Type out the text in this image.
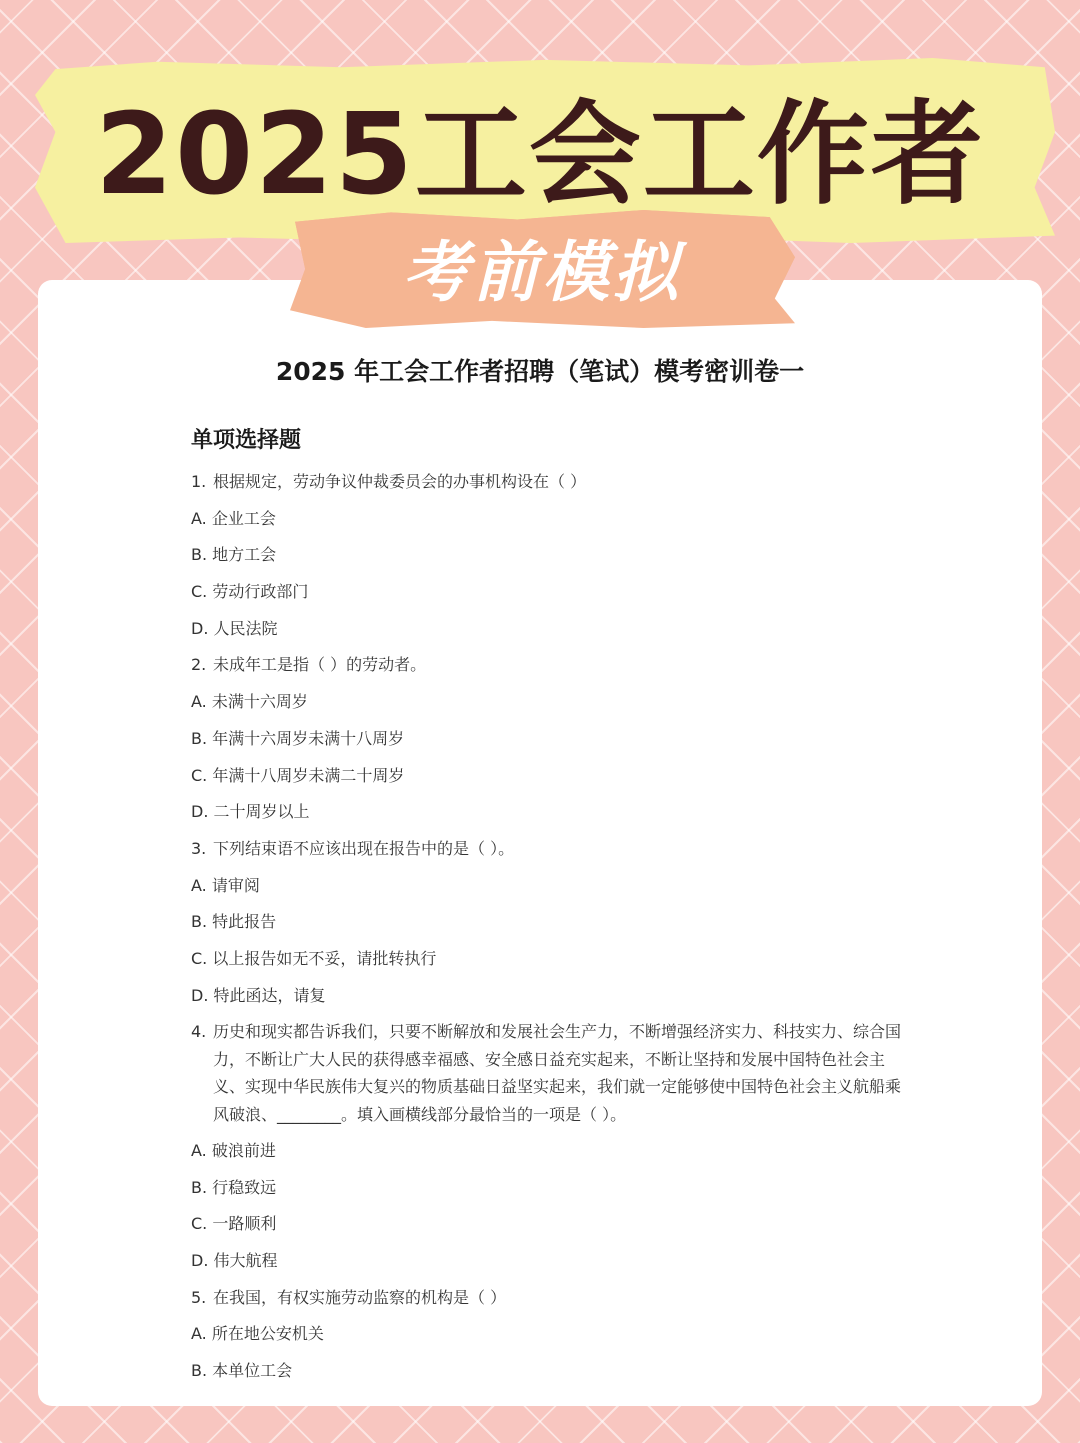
2025工会工作者
2025 年工会工作者招聘（笔试）模考密训卷一
单项选择题
1. 根据规定，劳动争议仲裁委员会的办事机构设在（ ）
A. 企业工会
B. 地方工会
C. 劳动行政部门
D. 人民法院
2. 未成年工是指（ ）的劳动者。
A. 未满十六周岁
B. 年满十六周岁未满十八周岁
C. 年满十八周岁未满二十周岁
D. 二十周岁以上
3. 下列结束语不应该出现在报告中的是（ ）。
A. 请审阅
B. 特此报告
C. 以上报告如无不妥，请批转执行
D. 特此函达，请复
4. 历史和现实都告诉我们，只要不断解放和发展社会生产力，不断增强经济实力、科技实力、综合国力，不断让广大人民的获得感幸福感、安全感日益充实起来，不断让坚持和发展中国特色社会主义、实现中华民族伟大复兴的物质基础日益坚实起来，我们就一定能够使中国特色社会主义航船乘风破浪、________。填入画横线部分最恰当的一项是（ ）。
A. 破浪前进
B. 行稳致远
C. 一路顺利
D. 伟大航程
5. 在我国，有权实施劳动监察的机构是（ ）
A. 所在地公安机关
B. 本单位工会
考前模拟
